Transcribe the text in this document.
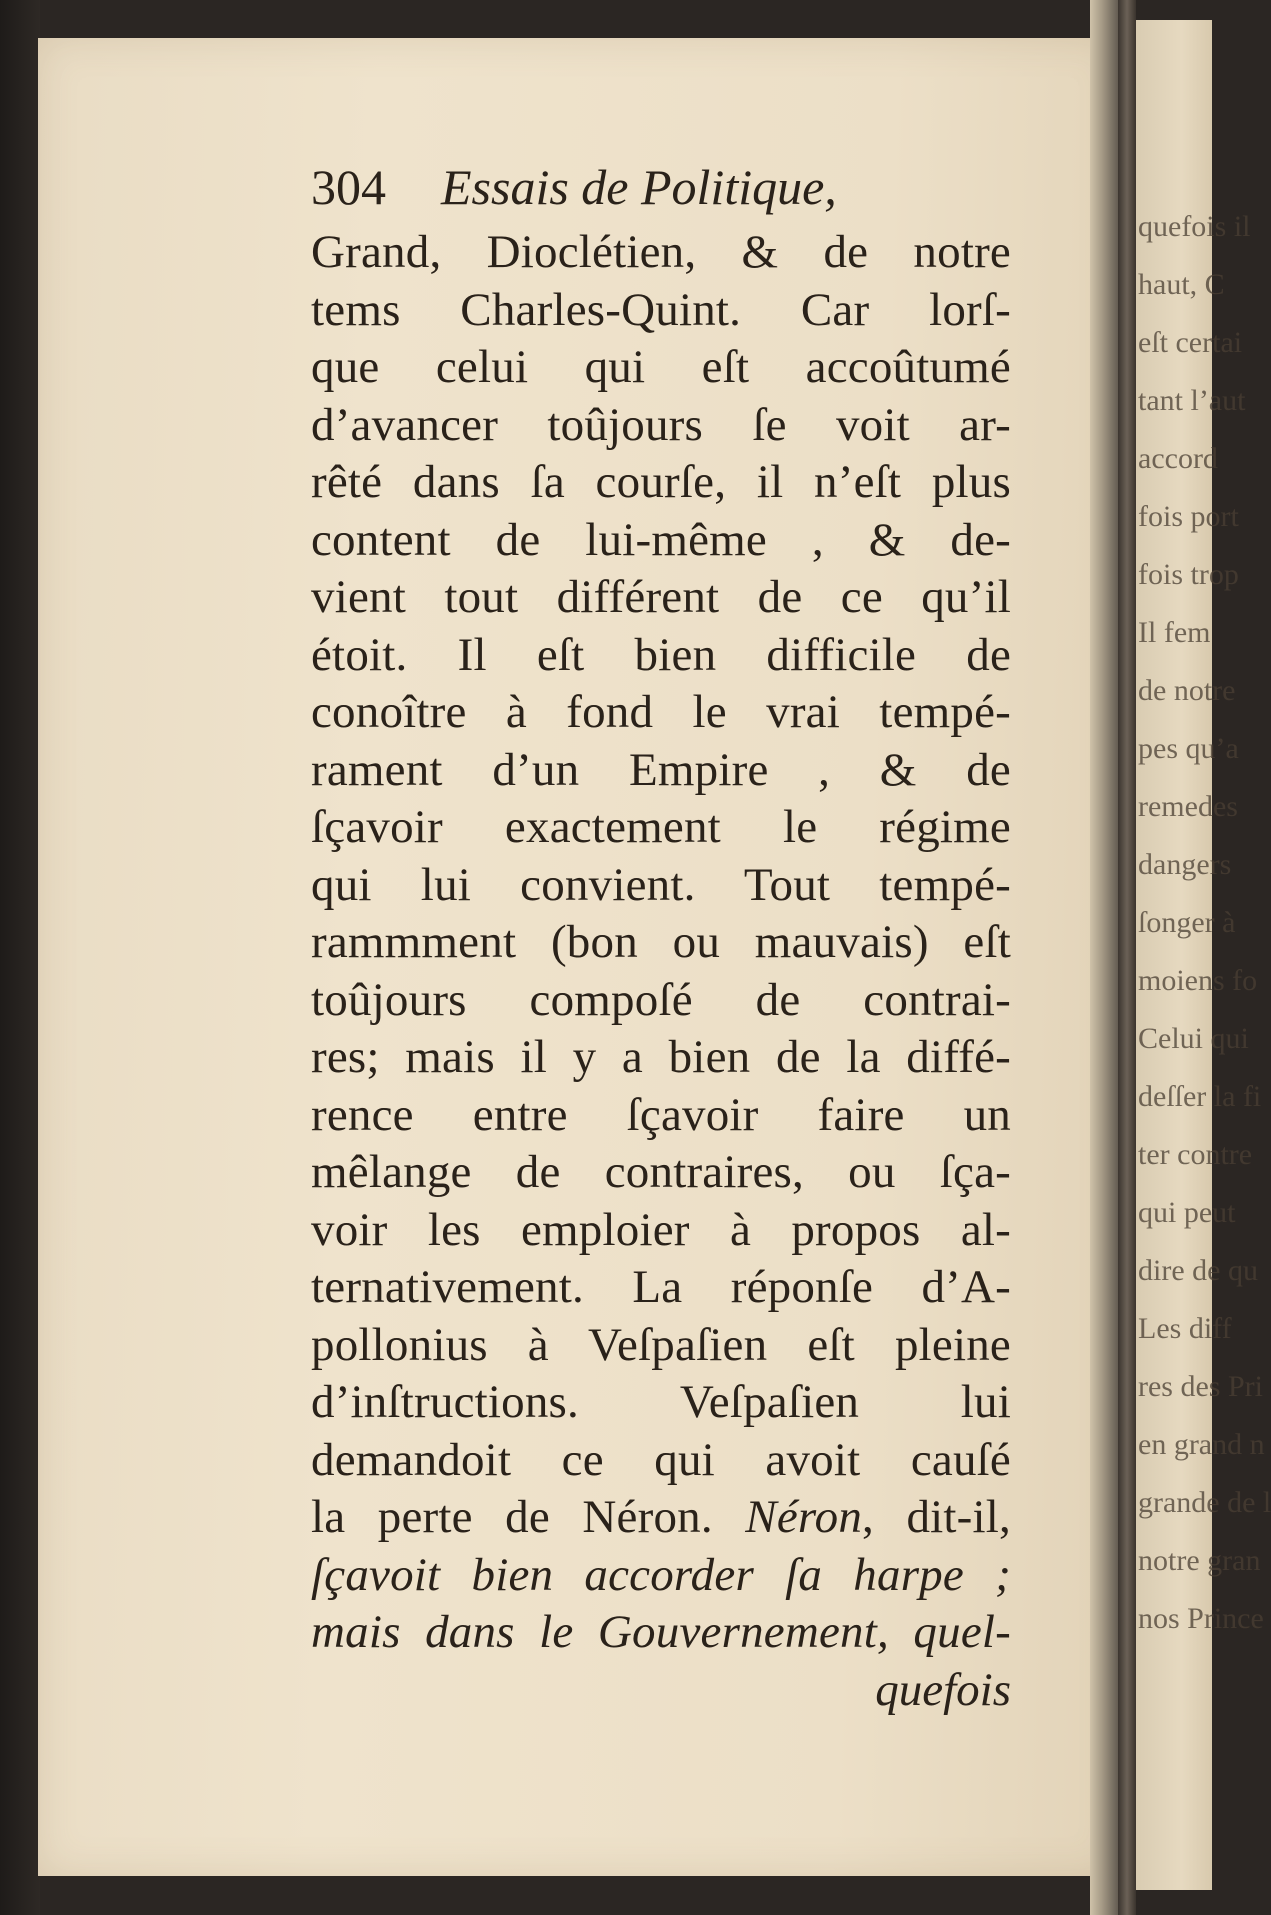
quefois il
haut, C
eſt certai
tant l’aut
accord
fois port
fois trop
Il fem
de notre
pes qu’a
remedes
dangers
ſonger à
moiens fo
Celui qui
deſſer la fi
ter contre
qui peut
dire de qu
Les diff
res des Pri
en grand n
grande de l
notre gran
nos Prince
304 Essais de Politique,
Grand, Dioclétien, & de notre
tems Charles-Quint. Car lorſ-
que celui qui eſt accoûtumé
d’avancer toûjours ſe voit ar-
rêté dans ſa courſe, il n’eſt plus
content de lui-même , & de-
vient tout différent de ce qu’il
étoit. Il eſt bien difficile de
conoître à fond le vrai tempé-
rament d’un Empire , & de
ſçavoir exactement le régime
qui lui convient. Tout tempé-
rammment (bon ou mauvais) eſt
toûjours compoſé de contrai-
res; mais il y a bien de la diffé-
rence entre ſçavoir faire un
mêlange de contraires, ou ſça-
voir les emploier à propos al-
ternativement. La réponſe d’A-
pollonius à Veſpaſien eſt pleine
d’inſtructions. Veſpaſien lui
demandoit ce qui avoit cauſé
la perte de Néron. Néron, dit-il,
ſçavoit bien accorder ſa harpe ;
mais dans le Gouvernement, quel-
quefois
